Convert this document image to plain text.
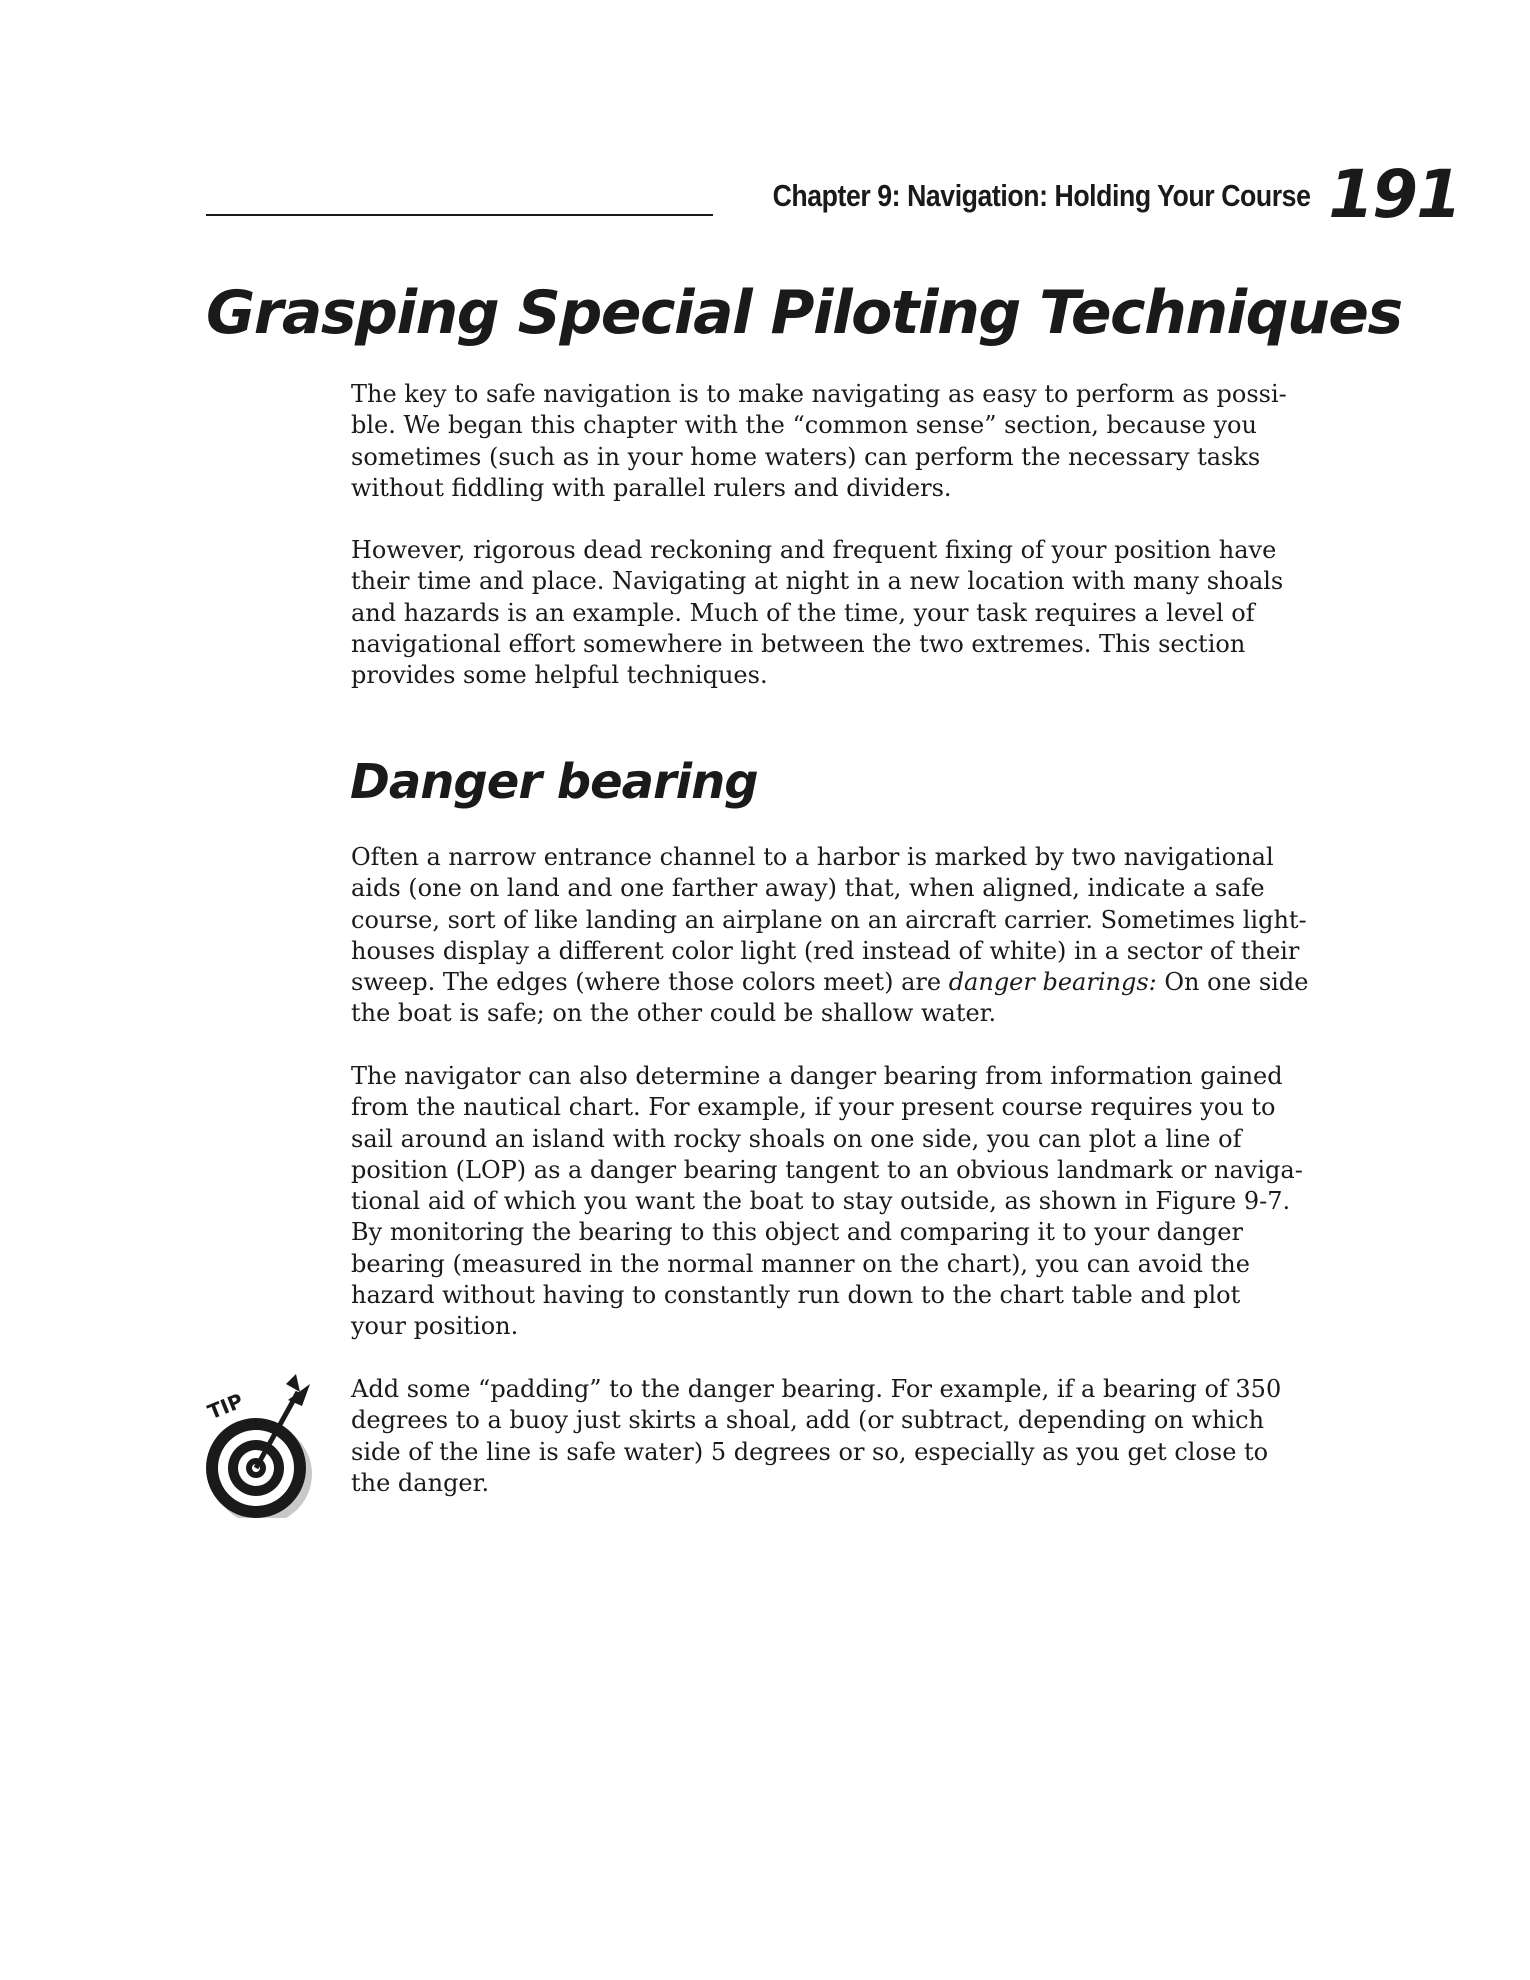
Chapter 9: Navigation: Holding Your Course 191
Grasping Special Piloting Techniques

The key to safe navigation is to make navigating as easy to perform as possi-
ble. We began this chapter with the “common sense” section, because you
sometimes (such as in your home waters) can perform the necessary tasks
without fiddling with parallel rulers and dividers.

However, rigorous dead reckoning and frequent fixing of your position have
their time and place. Navigating at night in a new location with many shoals
and hazards is an example. Much of the time, your task requires a level of
navigational effort somewhere in between the two extremes. This section
provides some helpful techniques.

Danger bearing

Often a narrow entrance channel to a harbor is marked by two navigational
aids (one on land and one farther away) that, when aligned, indicate a safe
course, sort of like landing an airplane on an aircraft carrier. Sometimes light-
houses display a different color light (red instead of white) in a sector of their
sweep. The edges (where those colors meet) are danger bearings: On one side
the boat is safe; on the other could be shallow water.

The navigator can also determine a danger bearing from information gained
from the nautical chart. For example, if your present course requires you to
sail around an island with rocky shoals on one side, you can plot a line of
position (LOP) as a danger bearing tangent to an obvious landmark or naviga-
tional aid of which you want the boat to stay outside, as shown in Figure 9-7.
By monitoring the bearing to this object and comparing it to your danger
bearing (measured in the normal manner on the chart), you can avoid the
hazard without having to constantly run down to the chart table and plot
your position.

TIP	Add some “padding” to the danger bearing. For example, if a bearing of 350
degrees to a buoy just skirts a shoal, add (or subtract, depending on which
side of the line is safe water) 5 degrees or so, especially as you get close to
the danger.
